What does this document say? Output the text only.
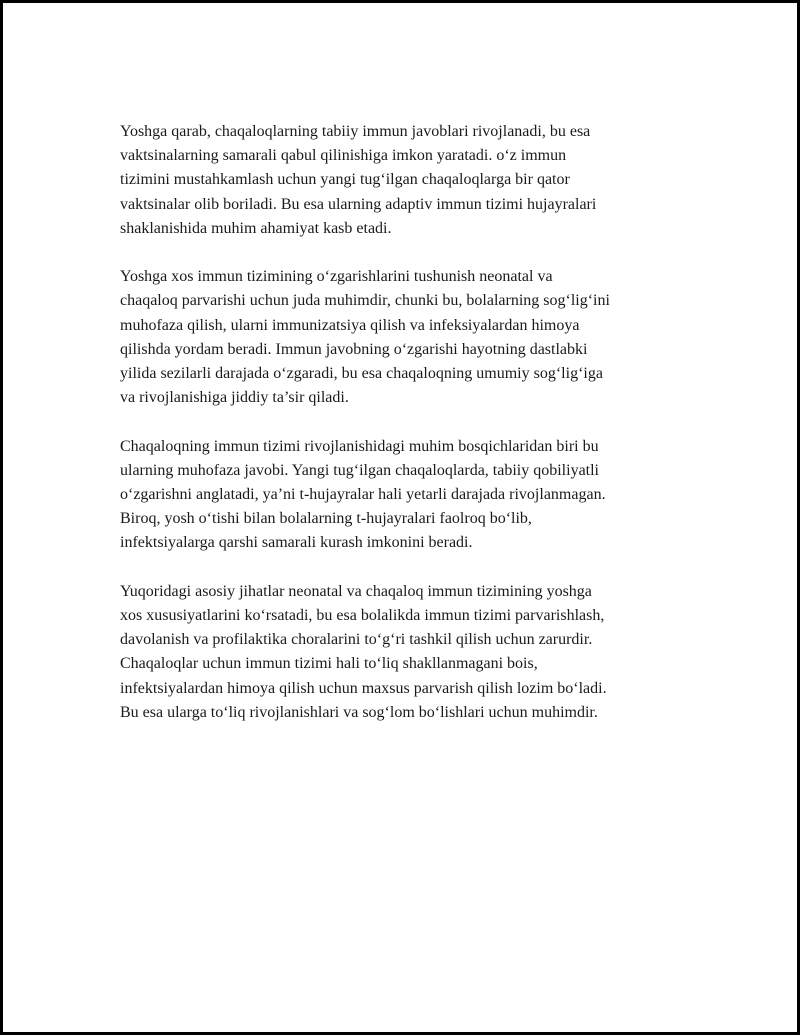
Yoshga qarab, chaqaloqlarning tabiiy immun javoblari rivojlanadi, bu esa
vaktsinalarning samarali qabul qilinishiga imkon yaratadi. o‘z immun
tizimini mustahkamlash uchun yangi tug‘ilgan chaqaloqlarga bir qator
vaktsinalar olib boriladi. Bu esa ularning adaptiv immun tizimi hujayralari
shaklanishida muhim ahamiyat kasb etadi.

Yoshga xos immun tizimining o‘zgarishlarini tushunish neonatal va
chaqaloq parvarishi uchun juda muhimdir, chunki bu, bolalarning sog‘lig‘ini
muhofaza qilish, ularni immunizatsiya qilish va infeksiyalardan himoya
qilishda yordam beradi. Immun javobning o‘zgarishi hayotning dastlabki
yilida sezilarli darajada o‘zgaradi, bu esa chaqaloqning umumiy sog‘lig‘iga
va rivojlanishiga jiddiy ta’sir qiladi.

Chaqaloqning immun tizimi rivojlanishidagi muhim bosqichlaridan biri bu
ularning muhofaza javobi. Yangi tug‘ilgan chaqaloqlarda, tabiiy qobiliyatli
o‘zgarishni anglatadi, ya’ni t-hujayralar hali yetarli darajada rivojlanmagan.
Biroq, yosh o‘tishi bilan bolalarning t-hujayralari faolroq bo‘lib,
infektsiyalarga qarshi samarali kurash imkonini beradi.

Yuqoridagi asosiy jihatlar neonatal va chaqaloq immun tizimining yoshga
xos xususiyatlarini ko‘rsatadi, bu esa bolalikda immun tizimi parvarishlash,
davolanish va profilaktika choralarini to‘g‘ri tashkil qilish uchun zarurdir.
Chaqaloqlar uchun immun tizimi hali to‘liq shakllanmagani bois,
infektsiyalardan himoya qilish uchun maxsus parvarish qilish lozim bo‘ladi.
Bu esa ularga to‘liq rivojlanishlari va sog‘lom bo‘lishlari uchun muhimdir.
